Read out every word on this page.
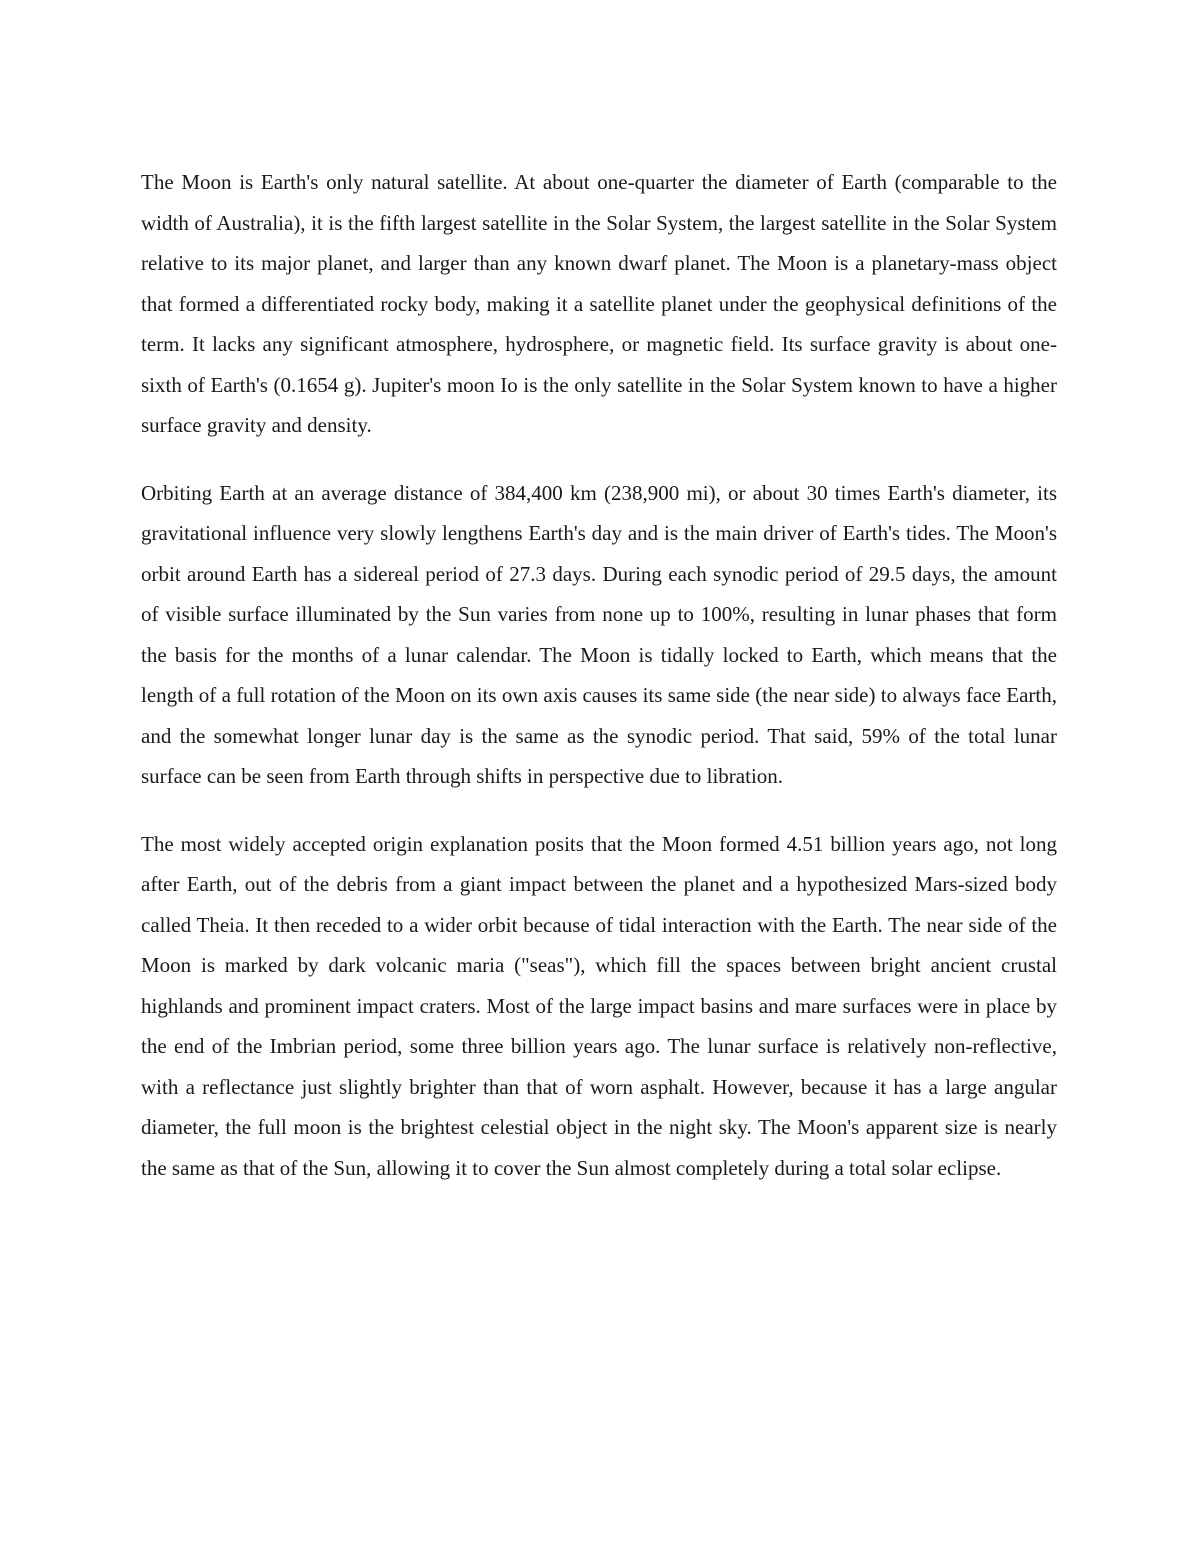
The Moon is Earth's only natural satellite. At about one-quarter the diameter of Earth (comparable to the width of Australia), it is the fifth largest satellite in the Solar System, the largest satellite in the Solar System relative to its major planet, and larger than any known dwarf planet. The Moon is a planetary-mass object that formed a differentiated rocky body, making it a satellite planet under the geophysical definitions of the term. It lacks any significant atmosphere, hydrosphere, or magnetic field. Its surface gravity is about one-sixth of Earth's (0.1654 g). Jupiter's moon Io is the only satellite in the Solar System known to have a higher surface gravity and density.

Orbiting Earth at an average distance of 384,400 km (238,900 mi), or about 30 times Earth's diameter, its gravitational influence very slowly lengthens Earth's day and is the main driver of Earth's tides. The Moon's orbit around Earth has a sidereal period of 27.3 days. During each synodic period of 29.5 days, the amount of visible surface illuminated by the Sun varies from none up to 100%, resulting in lunar phases that form the basis for the months of a lunar calendar. The Moon is tidally locked to Earth, which means that the length of a full rotation of the Moon on its own axis causes its same side (the near side) to always face Earth, and the somewhat longer lunar day is the same as the synodic period. That said, 59% of the total lunar surface can be seen from Earth through shifts in perspective due to libration.

The most widely accepted origin explanation posits that the Moon formed 4.51 billion years ago, not long after Earth, out of the debris from a giant impact between the planet and a hypothesized Mars-sized body called Theia. It then receded to a wider orbit because of tidal interaction with the Earth. The near side of the Moon is marked by dark volcanic maria ("seas"), which fill the spaces between bright ancient crustal highlands and prominent impact craters. Most of the large impact basins and mare surfaces were in place by the end of the Imbrian period, some three billion years ago. The lunar surface is relatively non-reflective, with a reflectance just slightly brighter than that of worn asphalt. However, because it has a large angular diameter, the full moon is the brightest celestial object in the night sky. The Moon's apparent size is nearly the same as that of the Sun, allowing it to cover the Sun almost completely during a total solar eclipse.
